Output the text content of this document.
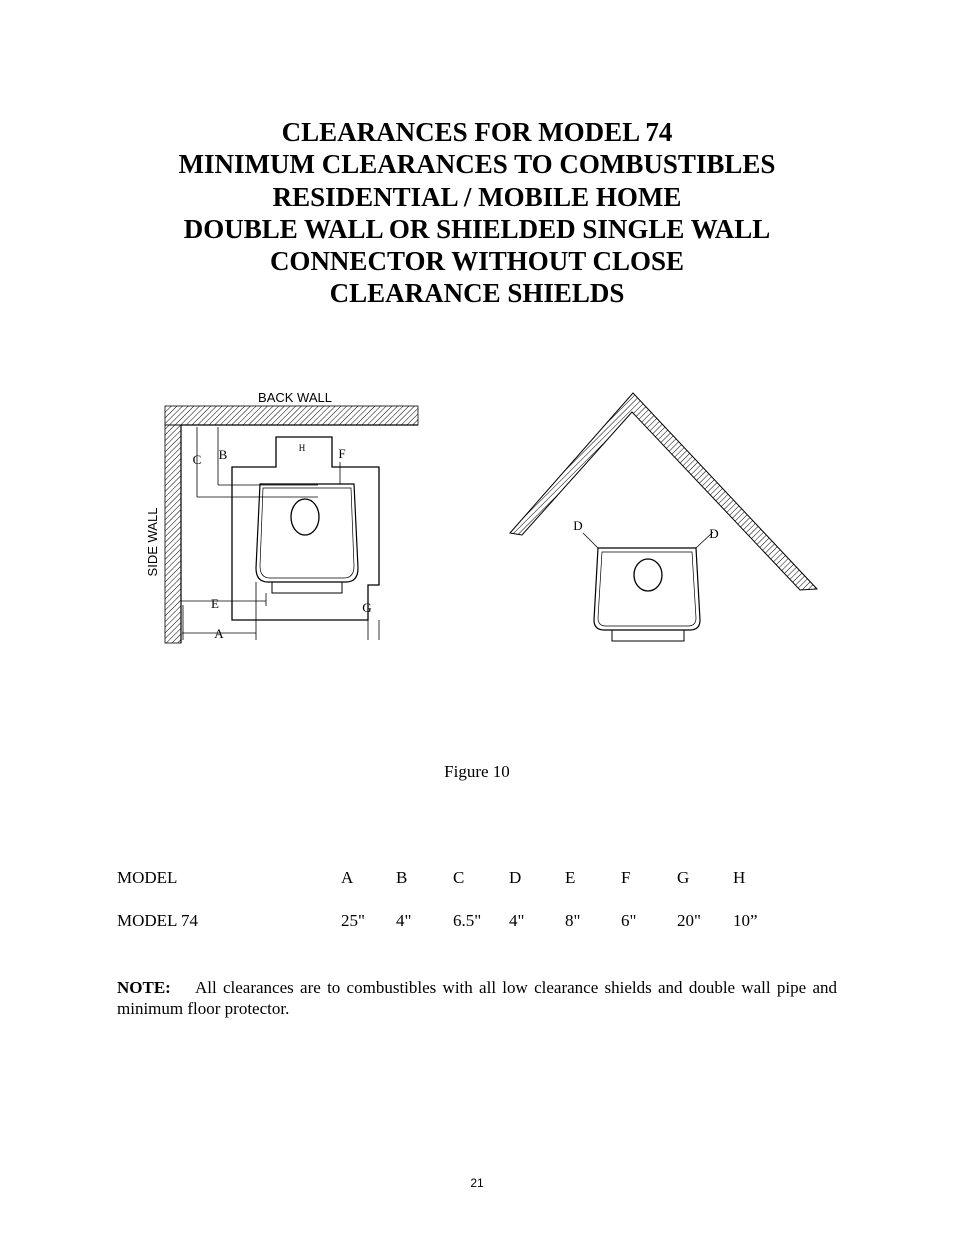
CLEARANCES FOR MODEL 74
MINIMUM CLEARANCES TO COMBUSTIBLES
RESIDENTIAL / MOBILE HOME
DOUBLE WALL OR SHIELDED SINGLE WALL
CONNECTOR WITHOUT CLOSE
CLEARANCE SHIELDS
BACK WALL
SIDE WALL
H
C B	F
E	G
A
D
D
Figure 10
MODEL	A	B	C	D	E	F	G	H
MODEL 74	25" 4" 6.5" 4" 8" 6" 20" 10”
NOTE: All clearances are to combustibles with all low clearance shields and double wall pipe and minimum floor protector.
21
